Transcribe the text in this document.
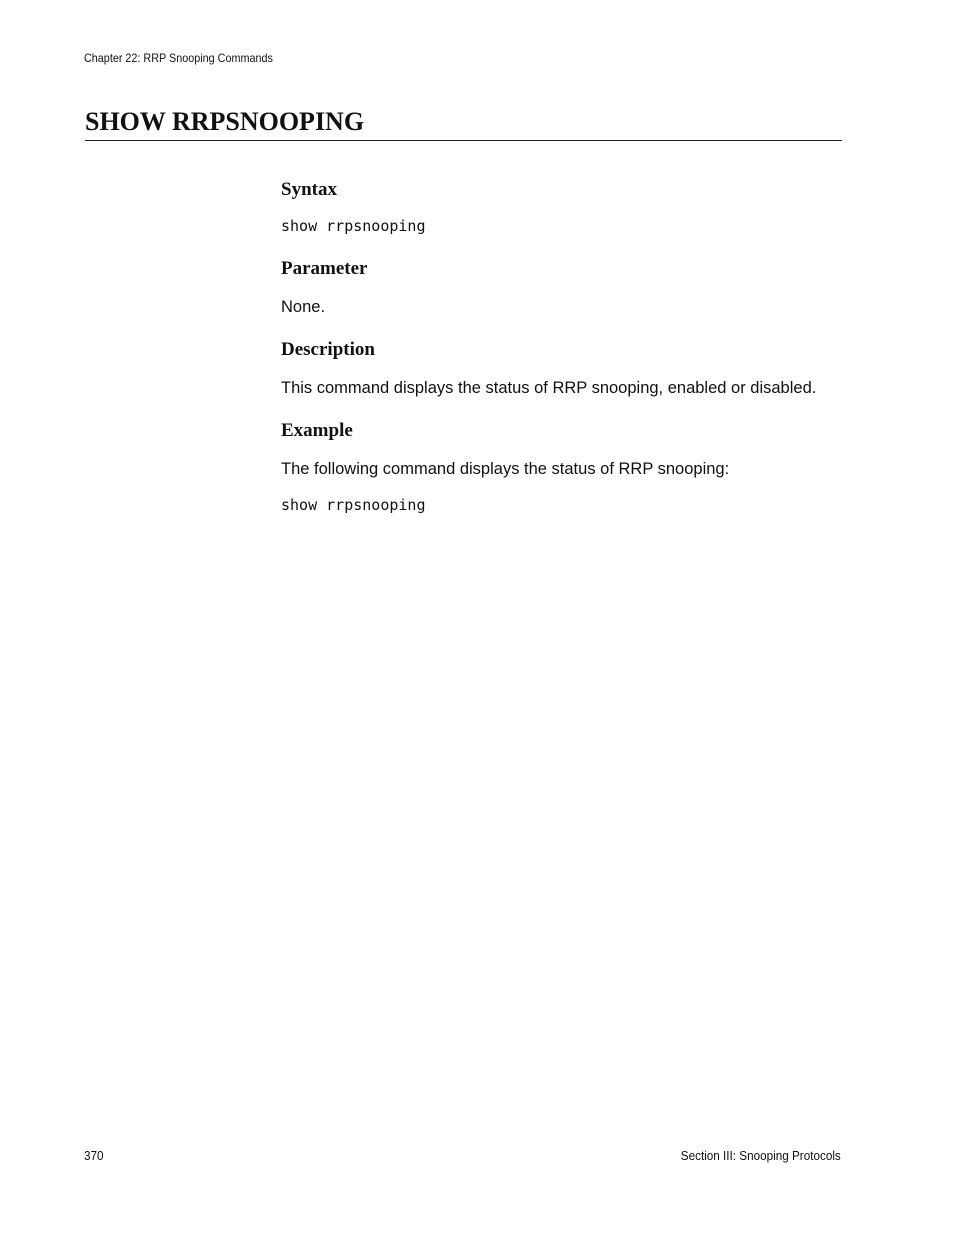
Chapter 22: RRP Snooping Commands
SHOW RRPSNOOPING
Syntax
show rrpsnooping
Parameter

None.

Description

This command displays the status of RRP snooping, enabled or disabled.

Example

The following command displays the status of RRP snooping:

show rrpsnooping
370	Section III: Snooping Protocols
